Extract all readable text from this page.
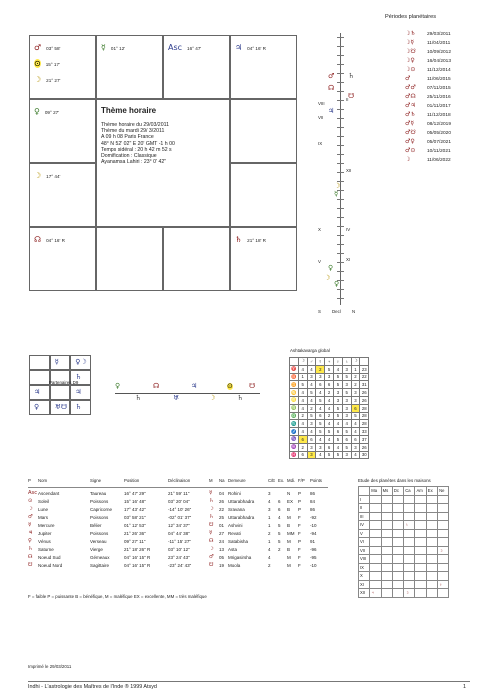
♂ 03° 58'
⊙ 15° 17'
☽ 21° 27'
☿ 01° 12'	Asc 16° 47'	♃ 04° 16' R
♀ 09° 27'
☽ 17° 44'
☊ 04° 16' R	♄ 21° 18' R
Thème horaire
Thème horaire du 29/03/2011
Thème du mardi 29/ 3/2011
A 09 h 08 Paris France
48° N 52' 02" E 20' GMT -1 h 00
Temps sidéral : 20 h 42 m 52 s
Domification : Classique
Ayanamsa Lahiri : 23° 0' 42"
Périodes planétaires
☽♄ 29/03/2011
☽☿	11/04/2011
☽☋ 10/09/2012
☽♀	16/04/2013
☽⊙ 11/12/2014
♂	11/06/2015
♂♂ 07/11/2015
♂☊ 25/11/2016
♂♃ 01/11/2017
♂♄ 11/12/2018
♂☿	08/12/2019
♂☋ 05/05/2020
♂♀	05/07/2021
♂⊙ 10/11/2021
☽	11/06/2022
VIII
VII
IX
X
V
II
XII
IV
XI
♂ ♄
☊
☋
♃
☽
☿
♀
☽
♀
S	Decl	N
☿ ♀☽
♄
♃	♃
♀ ♅☋ ♄
Partenaires D9	♀
♄
☊
♅
♃
☽
⊙
♄
☋
Ashtakavarga global
	☽	♂	☿	♃	♀	♄	☽	
♈	4	4	2	5	4	3	1	23
♉	1	3	3	3	5	5	2	22
♊	5	4	6	6	5	3	2	31
♋	4	5	4	2	3	5	3	26
♌	4	4	5	4	3	3	3	26
♍	4	2	4	4	5	3	6	28
♎	2	5	6	2	5	3	5	28
♏	4	3	5	4	4	4	4	28
♐	4	4	5	5	6	5	4	33
♑	6	6	4	4	5	6	6	37
♒	2	3	3	6	4	5	3	26
♓	6	3	4	5	5	3	4	30
Etude des planètes dans les maisons
	Ma	Ms	Dc	Ca	Am	Ex	Ne
I							
II							
III							
IV				♄			
V							
VI							
VII							☽
VIII							
IX							
X							
XI							♀
XII	♃			☽			
P Nom	Signe	Position	Déclinaison	M Na Demeure	C/E Ex. Mdi. F/P Points
Asc Ascendant	Taureau	16° 47' 29"	21° 59' 11"	☿ 04 Rohini	3	N P 86
⊙ Soleil	Poissons	15° 16' 48"	03° 20' 04"	♄ 26 Uttarabhadra	4 6 EX P 84
☽ Lune	Capricorne	17° 43' 42"	-14° 10' 26"	☽ 22 Sravana	3 6 B P 86
♂ Mars	Poissons	03° 58' 21"	-02° 01' 37"	♄ 25 Uttarabhadra	1 4 M F -92
☿ Mercure	Bélier	01° 12' 53"	12° 34' 37"	☋ 01 Ashvini	1 5 B F -10
♃ Jupiter	Poissons	21° 26' 36"	04° 44' 38"	☿ 27 Revati	2 5 MM F -94
♀ Vénus	Verseau	09° 27' 11"	-11° 15' 27"	☊ 24 Satabisha	1 5 M P 91
♄ Saturne	Vierge	21° 18' 26" R	03° 10' 12"	☽ 13 Asta	4 2 B F -96
☊ Noeud Sud	Gémeaux	04° 16' 15" R	23° 24' 43"	♂ 05 Mrigasirsha	4	M F -95
☋ Noeud Nord	Sagittaire	04° 16' 15" R	-23° 24' 43"	☋ 19 Moola	2	M F -10
F = faible P = puissante B = bénéfique, M = maléfique EX = excellente, MM = très maléfique
Imprimé le 29/03/2011
Indhi - L'astrologie des Maîtres de l'Inde ® 1999 Atsyd	1
